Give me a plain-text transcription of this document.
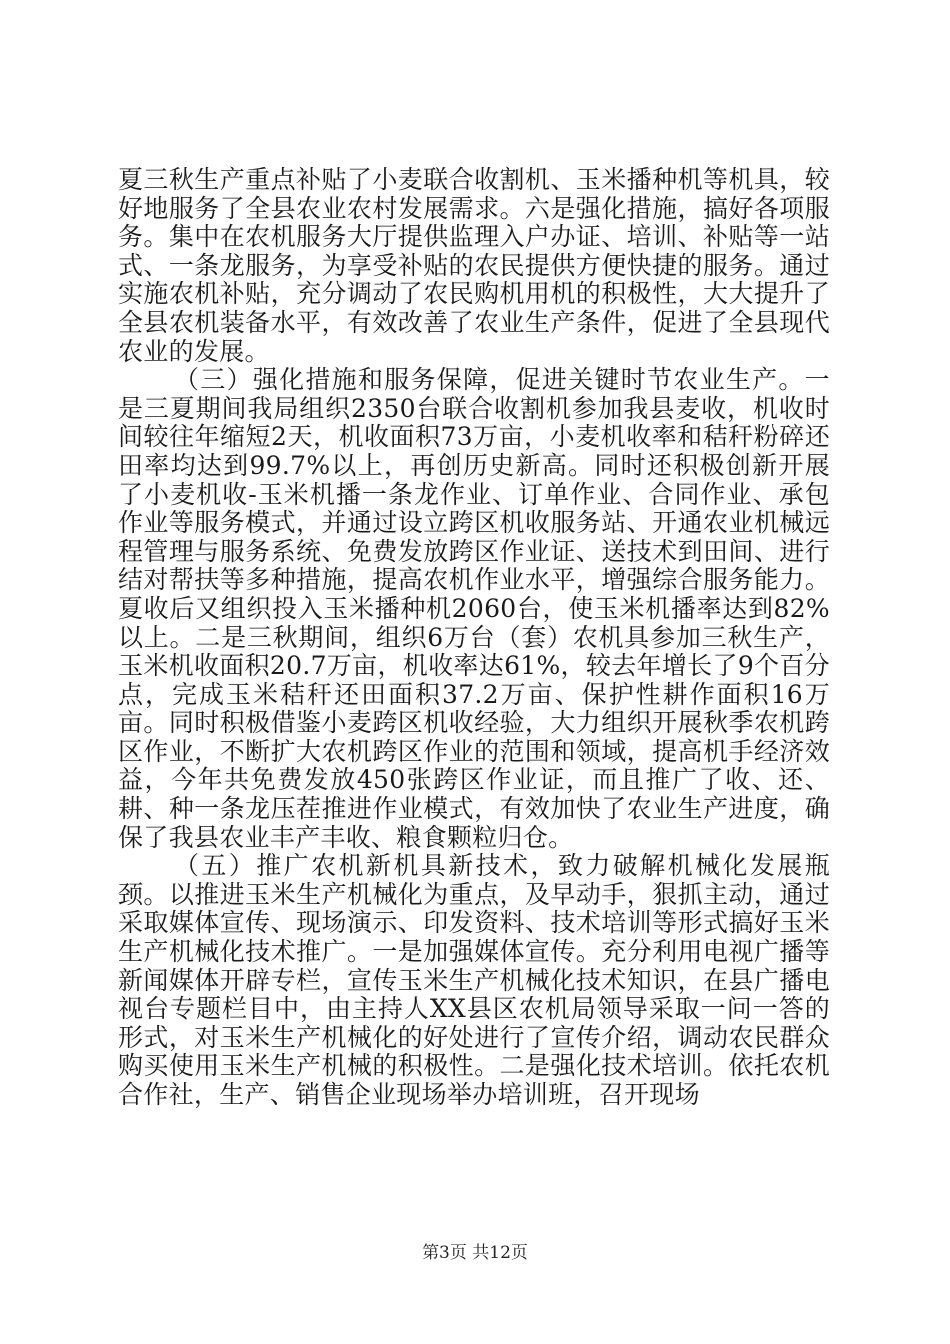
夏三秋生产重点补贴了小麦联合收割机、玉米播种机等机具，较好地服务了全县农业农村发展需求。六是强化措施，搞好各项服务。集中在农机服务大厅提供监理入户办证、培训、补贴等一站式、一条龙服务，为享受补贴的农民提供方便快捷的服务。通过实施农机补贴，充分调动了农民购机用机的积极性，大大提升了全县农机装备水平，有效改善了农业生产条件，促进了全县现代农业的发展。

（三）强化措施和服务保障，促进关键时节农业生产。一是三夏期间我局组织2350台联合收割机参加我县麦收，机收时间较往年缩短2天，机收面积73万亩，小麦机收率和秸秆粉碎还田率均达到99.7%以上，再创历史新高。同时还积极创新开展了小麦机收-玉米机播一条龙作业、订单作业、合同作业、承包作业等服务模式，并通过设立跨区机收服务站、开通农业机械远程管理与服务系统、免费发放跨区作业证、送技术到田间、进行结对帮扶等多种措施，提高农机作业水平，增强综合服务能力。夏收后又组织投入玉米播种机2060台，使玉米机播率达到82%以上。二是三秋期间，组织6万台（套）农机具参加三秋生产，玉米机收面积20.7万亩，机收率达61%，较去年增长了9个百分点，完成玉米秸秆还田面积37.2万亩、保护性耕作面积16万亩。同时积极借鉴小麦跨区机收经验，大力组织开展秋季农机跨区作业，不断扩大农机跨区作业的范围和领域，提高机手经济效益，今年共免费发放450张跨区作业证，而且推广了收、还、耕、种一条龙压茬推进作业模式，有效加快了农业生产进度，确保了我县农业丰产丰收、粮食颗粒归仓。

（五）推广农机新机具新技术，致力破解机械化发展瓶颈。以推进玉米生产机械化为重点，及早动手，狠抓主动，通过采取媒体宣传、现场演示、印发资料、技术培训等形式搞好玉米生产机械化技术推广。一是加强媒体宣传。充分利用电视广播等新闻媒体开辟专栏，宣传玉米生产机械化技术知识，在县广播电视台专题栏目中，由主持人XX县区农机局领导采取一问一答的形式，对玉米生产机械化的好处进行了宣传介绍，调动农民群众购买使用玉米生产机械的积极性。二是强化技术培训。依托农机合作社，生产、销售企业现场举办培训班，召开现场

第3页 共12页
